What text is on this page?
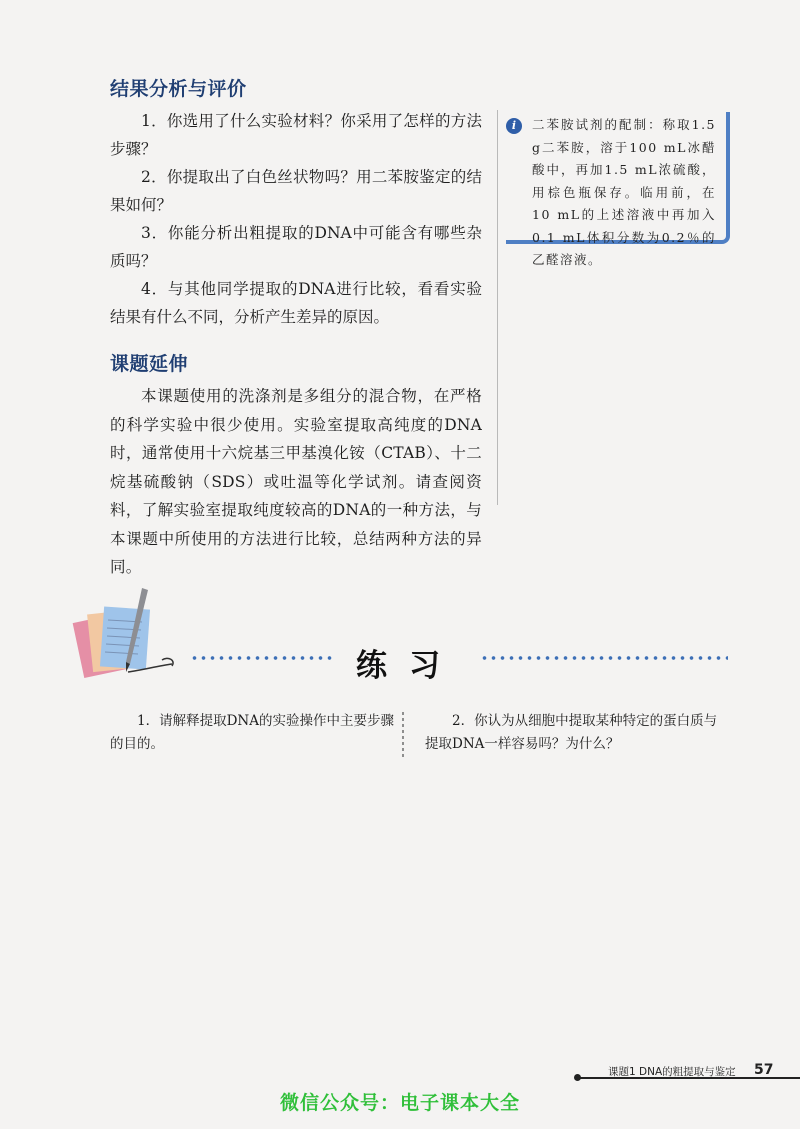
结果分析与评价

1．你选用了什么实验材料？你采用了怎样的方法步骤？

2．你提取出了白色丝状物吗？用二苯胺鉴定的结果如何？

3．你能分析出粗提取的DNA中可能含有哪些杂质吗？

4．与其他同学提取的DNA进行比较，看看实验结果有什么不同，分析产生差异的原因。

课题延伸

本课题使用的洗涤剂是多组分的混合物，在严格的科学实验中很少使用。实验室提取高纯度的DNA时，通常使用十六烷基三甲基溴化铵（CTAB）、十二烷基硫酸钠（SDS）或吐温等化学试剂。请查阅资料，了解实验室提取纯度较高的DNA的一种方法，与本课题中所使用的方法进行比较，总结两种方法的异同。

i	二苯胺试剂的配制：称取1.5 g二苯胺，溶于100 mL冰醋酸中，再加1.5 mL浓硫酸，用棕色瓶保存。临用前，在10 mL的上述溶液中再加入0.1 mL体积分数为0.2％的乙醛溶液。
练习

1．请解释提取DNA的实验操作中主要步骤的目的。

2．你认为从细胞中提取某种特定的蛋白质与提取DNA一样容易吗？为什么？

课题1 DNA的粗提取与鉴定 57
微信公众号：电子课本大全
